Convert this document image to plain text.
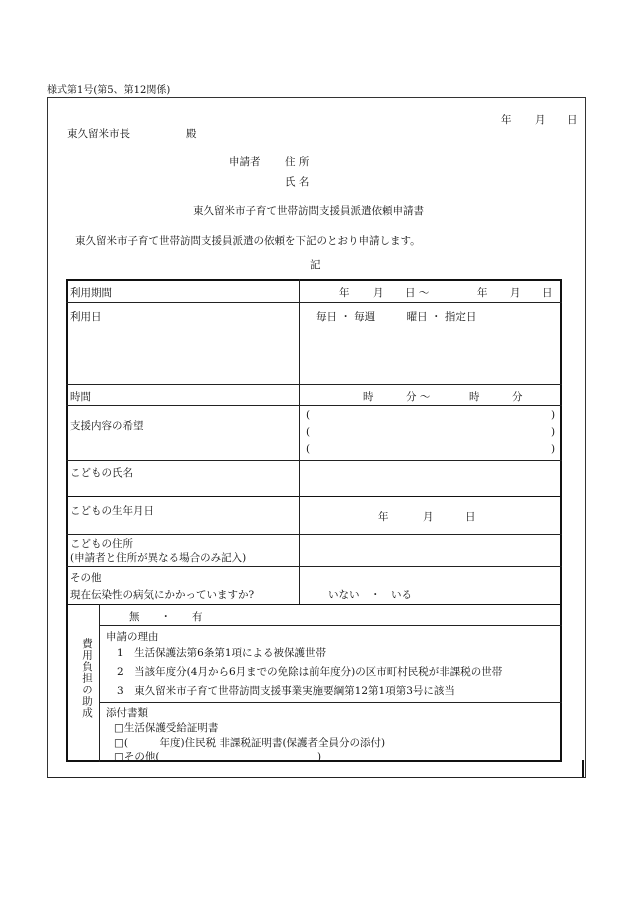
様式第1号(第5、第12関係)
年 月 日
東久留米市長	殿
申請者 住 所
氏 名
東久留米市子育て世帯訪問支援員派遣依頼申請書
東久留米市子育て世帯訪問支援員派遣の依頼を下記のとおり申請します。
記
利用期間	年 月 日 ～	年 月 日
利用日	毎日 ・ 毎週　　　曜日 ・ 指定日
時間	時	分 ～	時	分
支援内容の希望
(	)
(	)
(	)
こどもの氏名
こどもの生年月日	年	月	日
こどもの住所
(申請者と住所が異なる場合のみ記入)
その他
現在伝染性の病気にかかっていますか?	いない　・　いる
費用負担の助成
無　　・　　有
申請の理由
1　生活保護法第6条第1項による被保護世帯
2　当該年度分(4月から6月までの免除は前年度分)の区市町村民税が非課税の世帯
3　東久留米市子育て世帯訪問支援事業実施要綱第12第1項第3号に該当
添付書類
□生活保護受給証明書
□(　　　年度)住民税 非課税証明書(保護者全員分の添付)
□その他(　　　　　　　　　　　　　　　)
